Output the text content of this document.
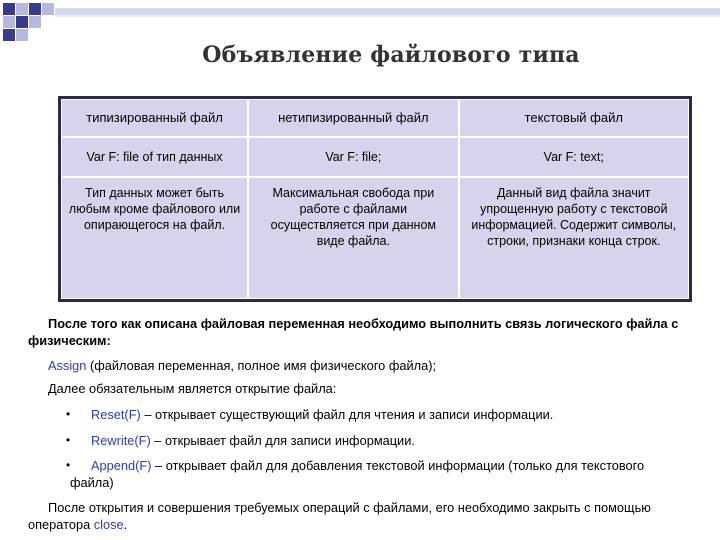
Объявление файлового типа
типизированный файл	нетипизированный файл	текстовый файл
Var F: file of тип данных	Var F: file;	Var F: text;
Тип данных может быть любым кроме файлового или опирающегося на файл.	Максимальная свобода при работе с файлами осуществляется при данном виде файла.	Данный вид файла значит упрощенную работу с текстовой информацией. Содержит символы, строки, признаки конца строк.
После того как описана файловая переменная необходимо выполнить связь логического файла с физическим:
Assign (файловая переменная, полное имя физического файла);
Далее обязательным является открытие файла:
• Reset(F) – открывает существующий файл для чтения и записи информации.
• Rewrite(F) – открывает файл для записи информации.
•	Append(F) – открывает файл для добавления текстовой информации (только для текстового файла)
После открытия и совершения требуемых операций с файлами, его необходимо закрыть с помощью оператора close.
